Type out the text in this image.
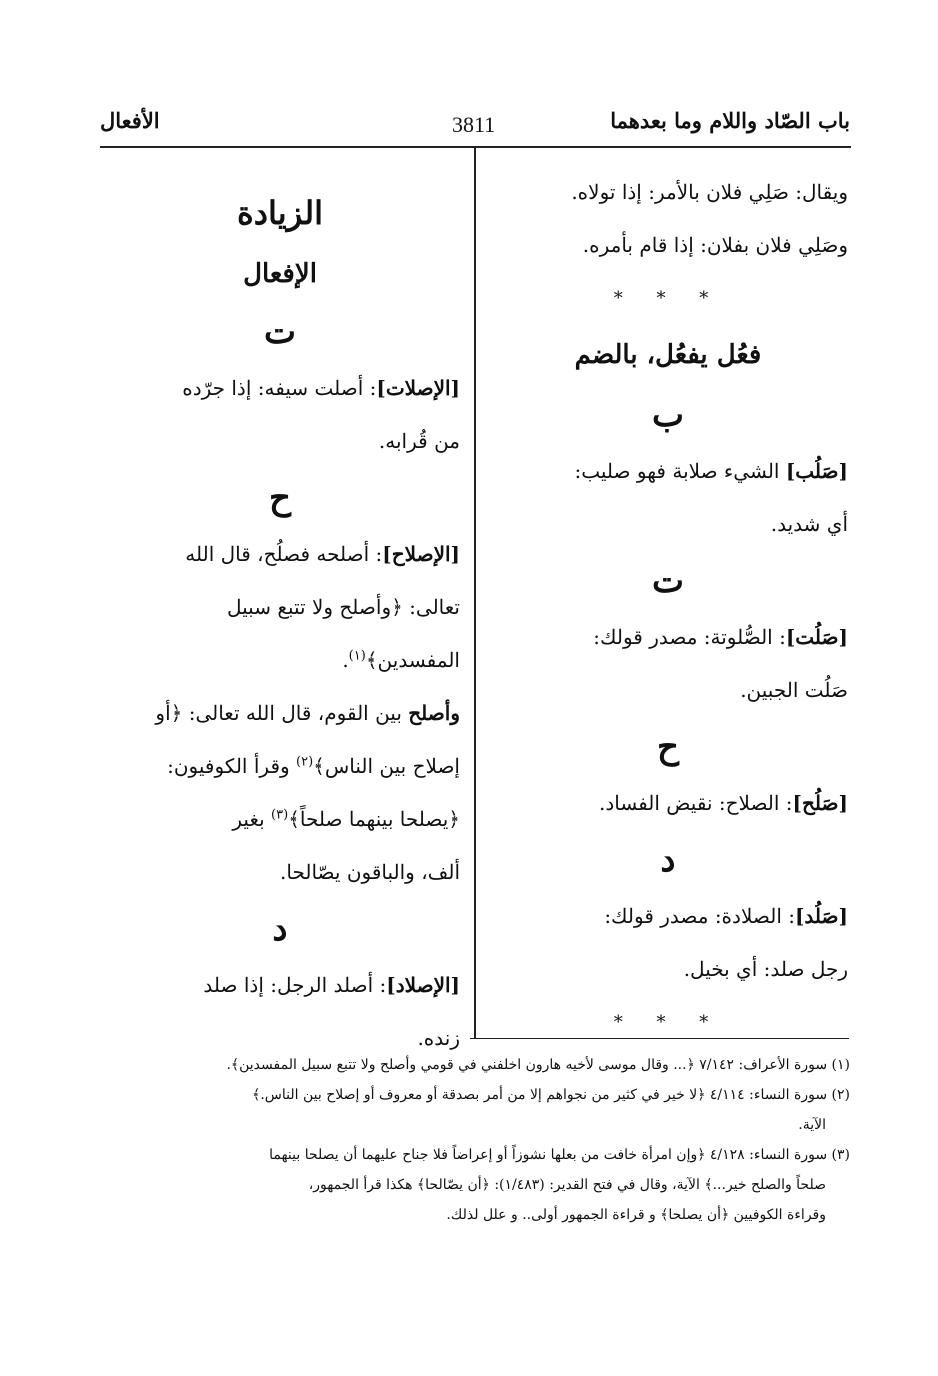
باب الصّاد واللام وما بعدهما
3811
الأفعال

ويقال: صَلِي فلان بالأمر: إذا تولاه.

وصَلِي فلان بفلان: إذا قام بأمره.

* * *

فعُل يفعُل، بالضم

ب

[صَلُب] الشيء صلابة فهو صليب:

أي شديد.

ت

[صَلُت]: الصُّلوتة: مصدر قولك:

صَلُت الجبين.

ح

[صَلُح]: الصلاح: نقيض الفساد.

د

[صَلُد]: الصلادة: مصدر قولك:

رجل صلد: أي بخيل.

* * *

الزيادة

الإفعال

ت

[الإصلات]: أصلت سيفه: إذا جرّده

من قُرابه.

ح

[الإصلاح]: أصلحه فصلُح، قال الله

تعالى: ﴿وأصلح ولا تتبع سبيل

المفسدين﴾$^{(١)}$.

وأصلح بين القوم، قال الله تعالى: ﴿أو

إصلاح بين الناس﴾$^{(٢)}$ وقرأ الكوفيون:

﴿يصلحا بينهما صلحاً﴾$^{(٣)}$ بغير

ألف، والباقون يصّالحا.

د

[الإصلاد]: أصلد الرجل: إذا صلد

زنده.

(١) سورة الأعراف: ٧/١٤٢ ﴿... وقال موسى لأخيه هارون اخلفني في قومي وأصلح ولا تتبع سبيل المفسدين﴾.

(٢) سورة النساء: ٤/١١٤ ﴿لا خير في كثير من نجواهم إلا من أمر بصدقة أو معروف أو إصلاح بين الناس.﴾

الآية.

(٣) سورة النساء: ٤/١٢٨ ﴿وإن امرأة خافت من بعلها نشوزاً أو إعراضاً فلا جناح عليهما أن يصلحا بينهما

صلحاً والصلح خير...﴾ الآية، وقال في فتح القدير: (١/٤٨٣): ﴿أن يصّالحا﴾ هكذا قرأ الجمهور،

وقراءة الكوفيين ﴿أن يصلحا﴾ و قراءة الجمهور أولى.. و علل لذلك.
